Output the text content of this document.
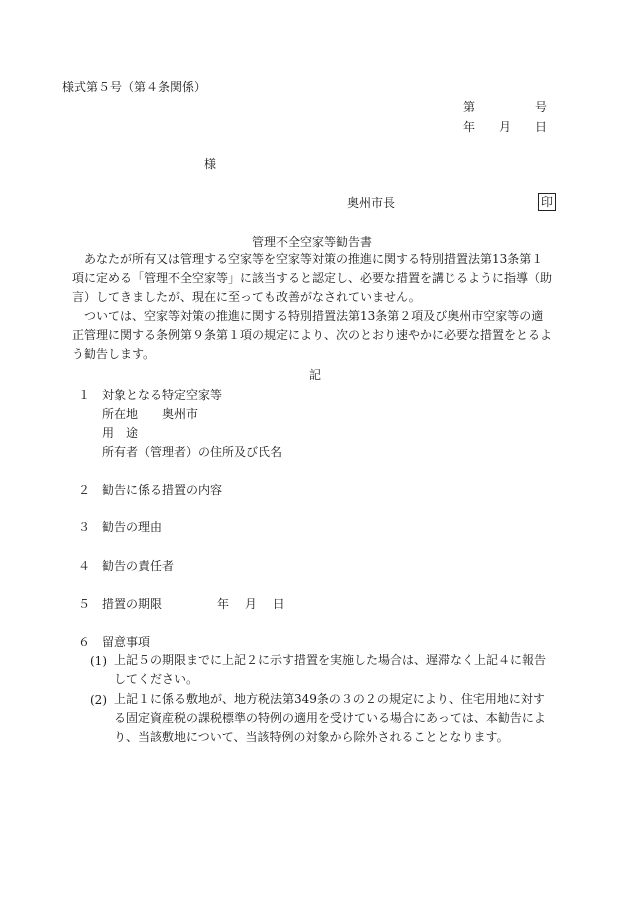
様式第５号（第４条関係）
第　　　　　号
年　　月　　日
様
奥州市長	印
管理不全空家等勧告書

あなたが所有又は管理する空家等を空家等対策の推進に関する特別措置法第13条第１項に定める「管理不全空家等」に該当すると認定し、必要な措置を講じるように指導（助言）してきましたが、現在に至っても改善がなされていません。

ついては、空家等対策の推進に関する特別措置法第13条第２項及び奥州市空家等の適正管理に関する条例第９条第１項の規定により、次のとおり速やかに必要な措置をとるよう勧告します。

記
１ 対象となる特定空家等
所在地 奥州市
用　途
所有者（管理者）の住所及び氏名
２ 勧告に係る措置の内容
３ 勧告の理由
４ 勧告の責任者
５ 措置の期限	年　 月　 日
６ 留意事項
(1) 上記５の期限までに上記２に示す措置を実施した場合は、遅滞なく上記４に報告してください。
(2) 上記１に係る敷地が、地方税法第349条の３の２の規定により、住宅用地に対する固定資産税の課税標準の特例の適用を受けている場合にあっては、本勧告により、当該敷地について、当該特例の対象から除外されることとなります。
